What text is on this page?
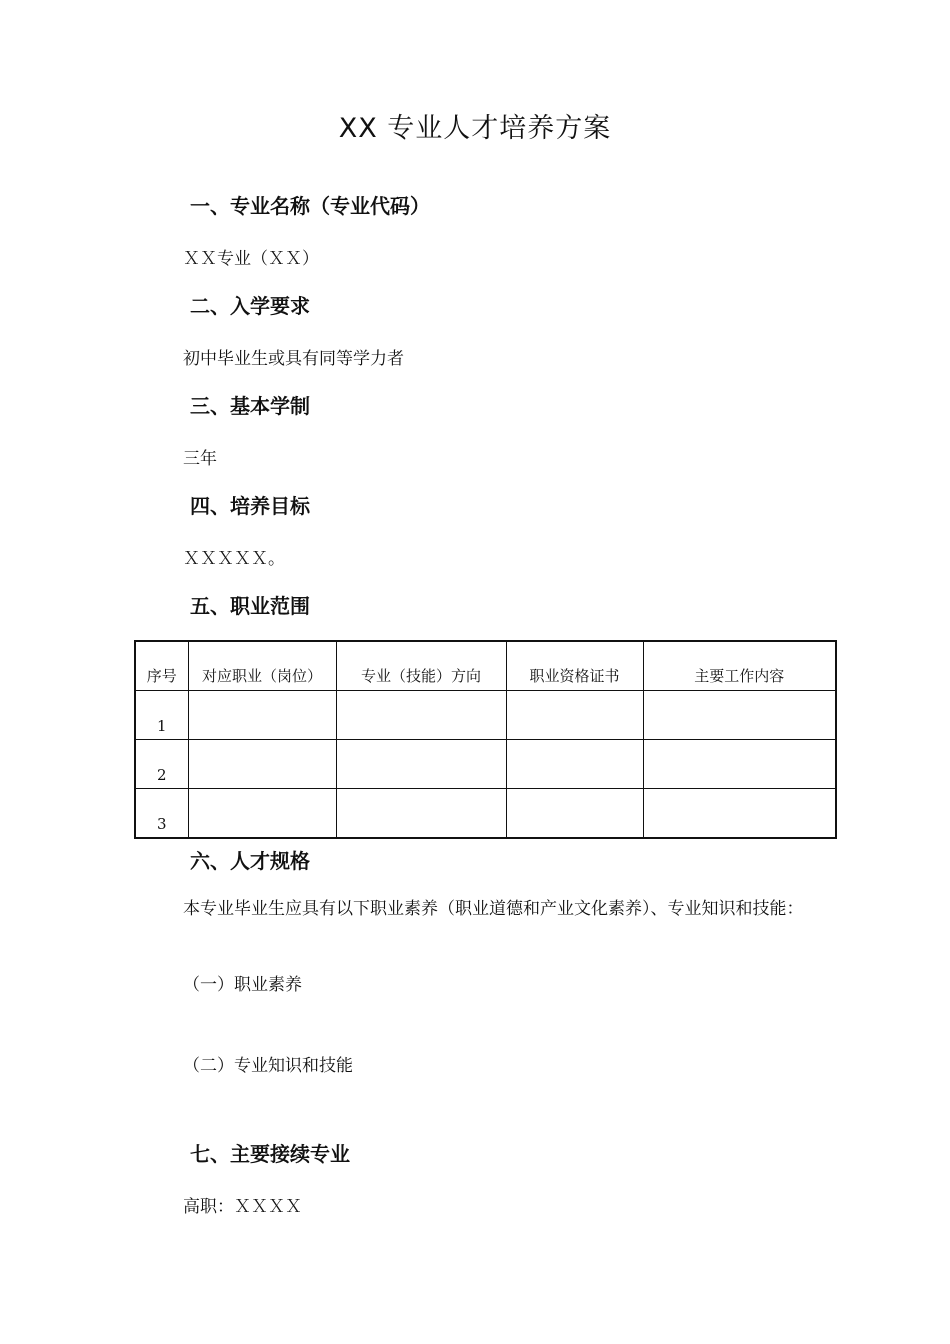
XX 专业人才培养方案
一、专业名称（专业代码）
ＸＸ专业（ＸＸ）
二、入学要求
初中毕业生或具有同等学力者
三、基本学制
三年
四、培养目标
ＸＸＸＸＸ。
五、职业范围
序号	对应职业（岗位）	专业（技能）方向	职业资格证书	主要工作内容
1				
2				
3				
六、人才规格
本专业毕业生应具有以下职业素养（职业道德和产业文化素养）、专业知识和技能：
（一）职业素养
（二）专业知识和技能
七、主要接续专业
高职：ＸＸＸＸ
